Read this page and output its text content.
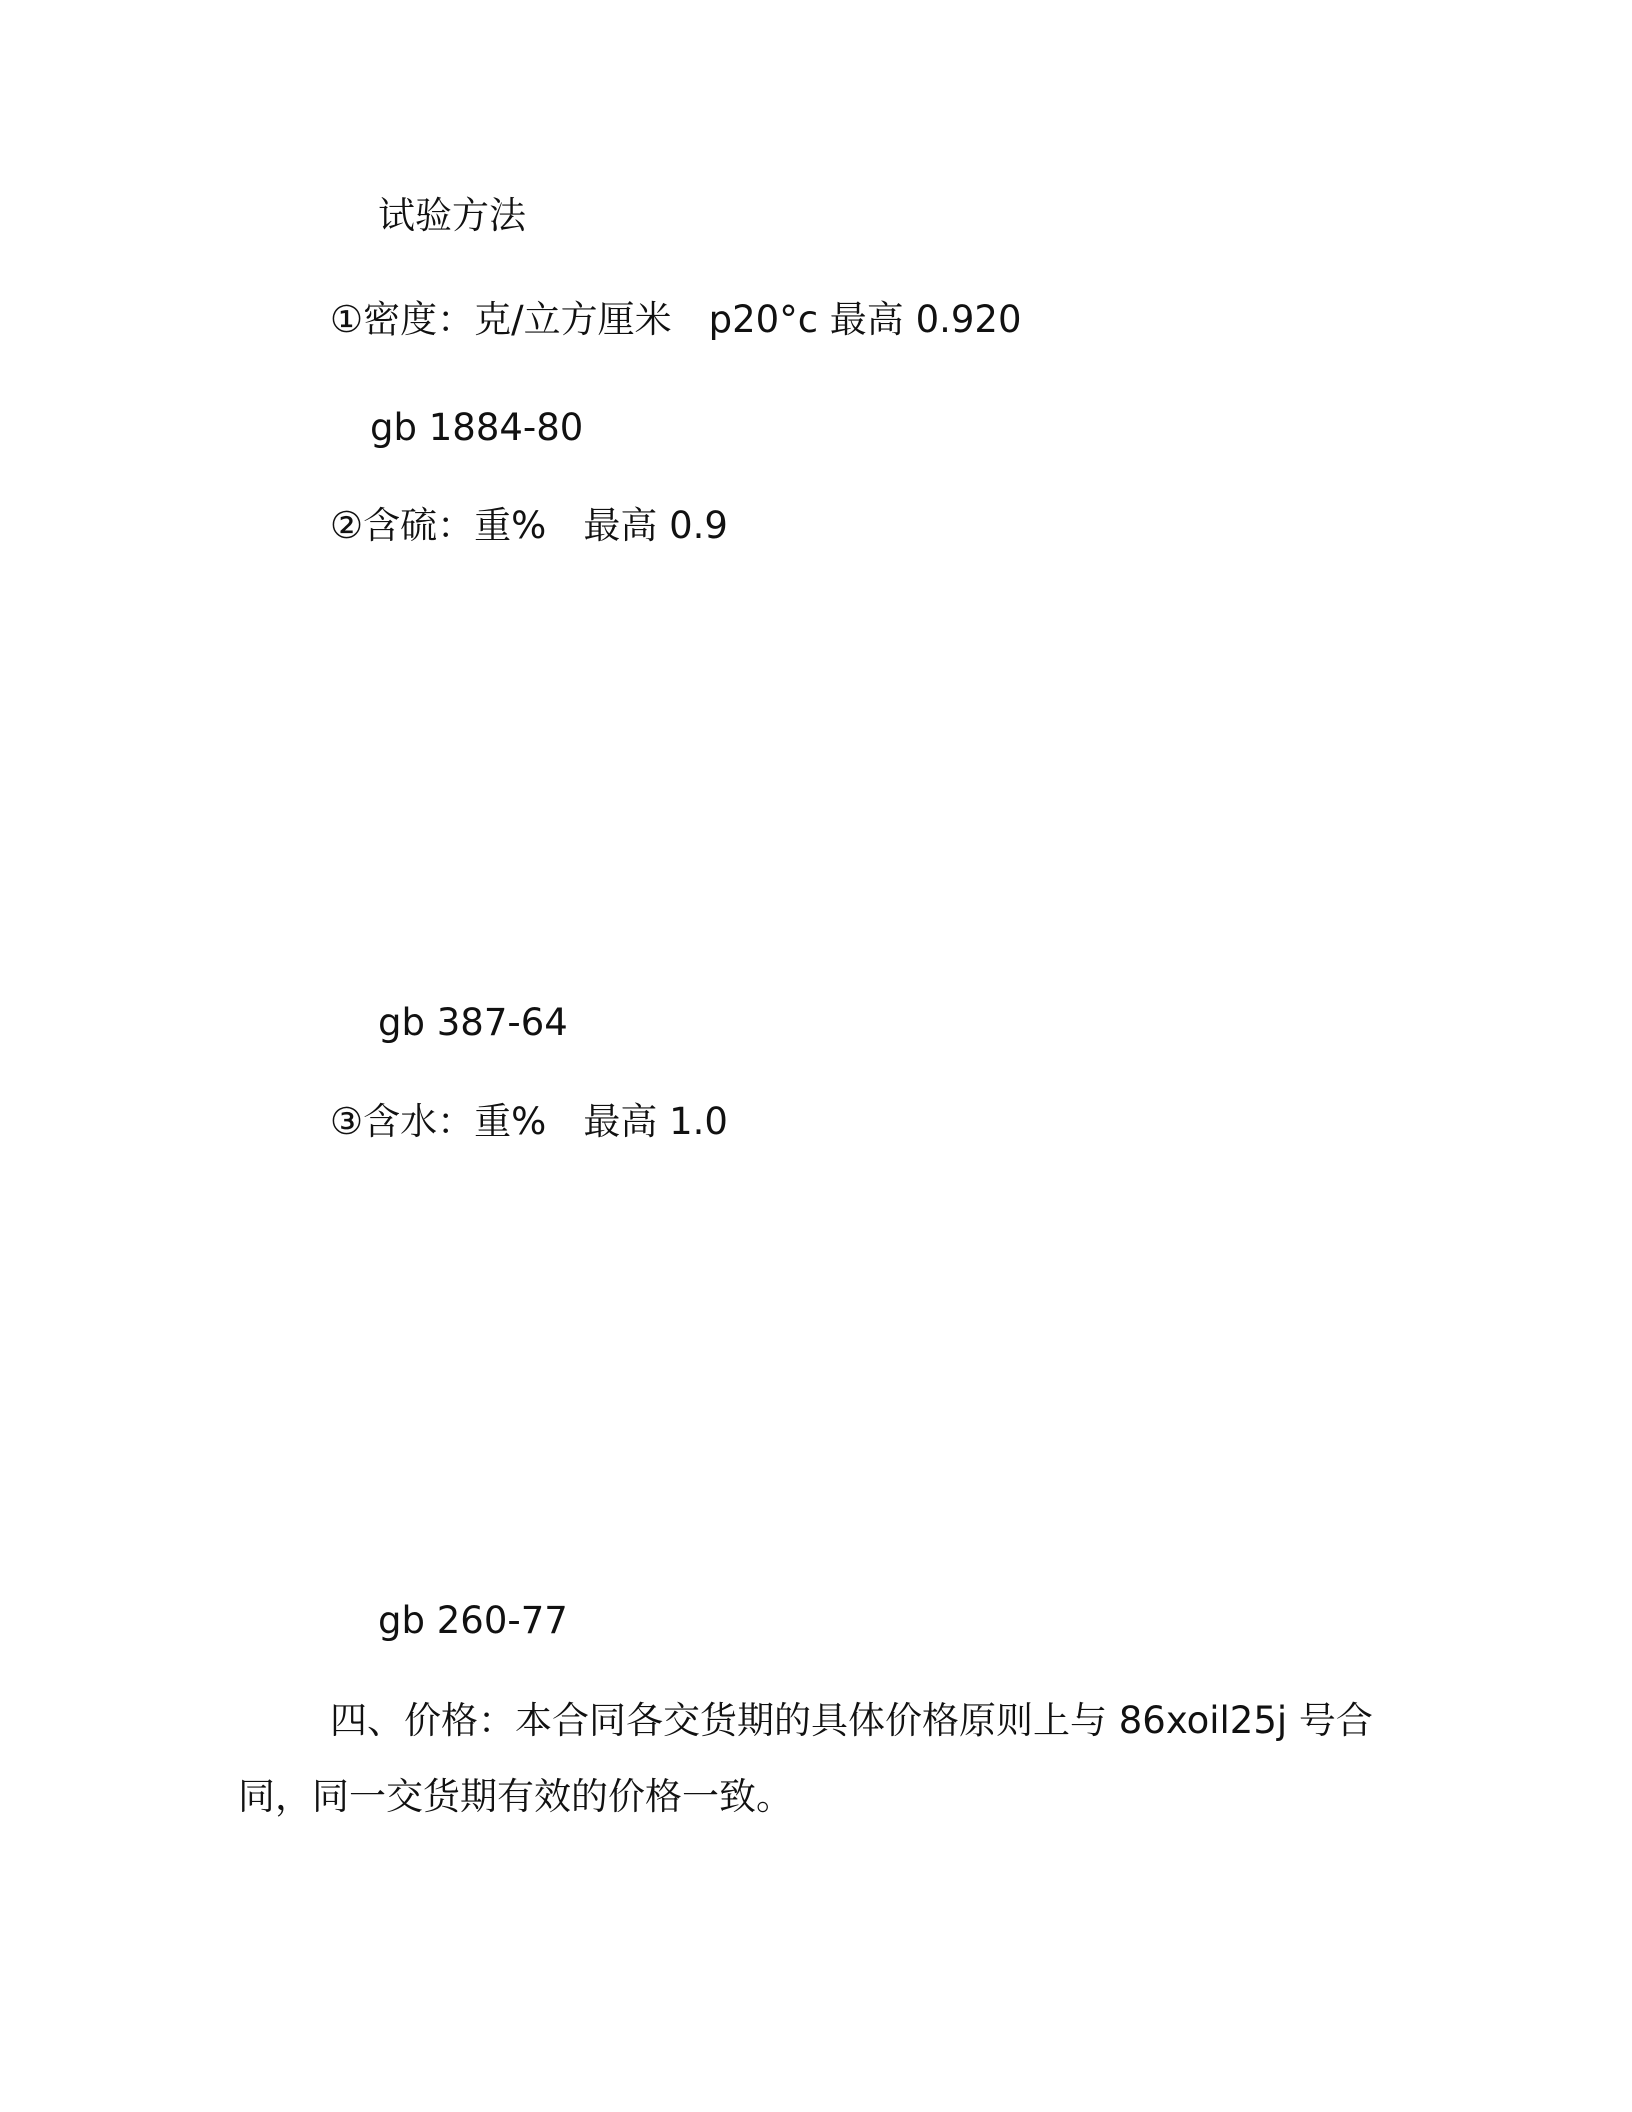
试验方法
①密度：克/立方厘米　p20°c 最高 0.920
gb 1884-80
②含硫：重%　最高 0.9
gb 387-64
③含水：重%　最高 1.0
gb 260-77
四、价格：本合同各交货期的具体价格原则上与 86xoil25j 号合
同，同一交货期有效的价格一致。
